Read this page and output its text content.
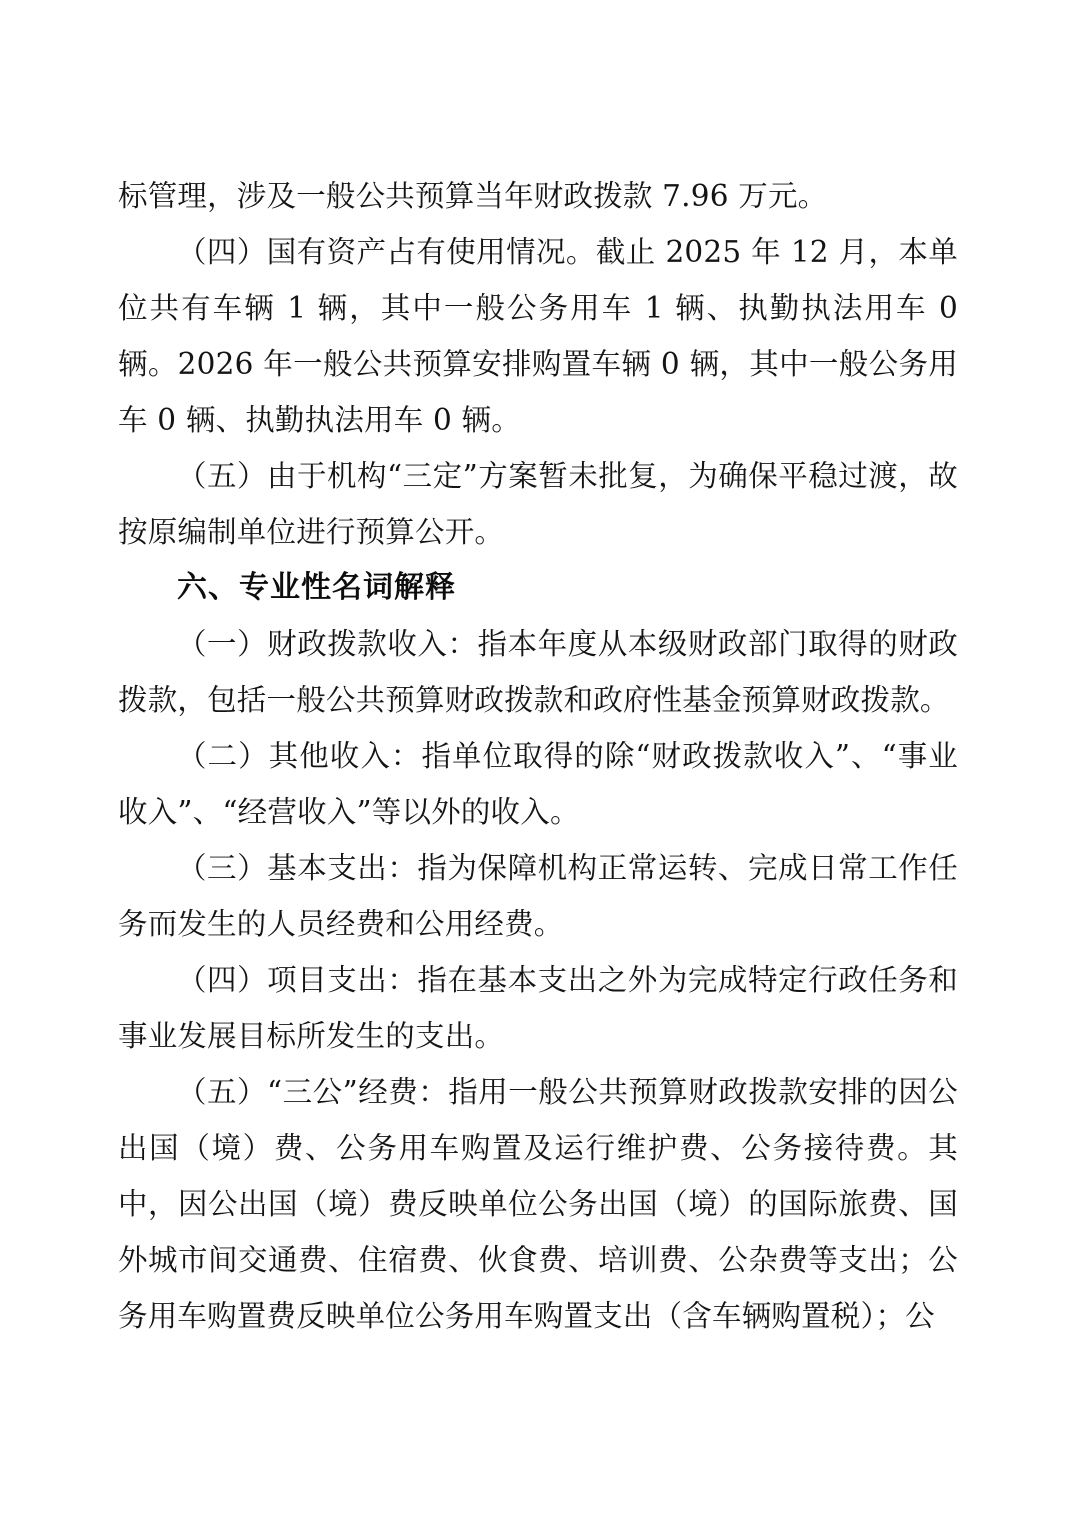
标管理，涉及一般公共预算当年财政拨款 7.96 万元。

（四）国有资产占有使用情况。截止 2025 年 12 月，本单位共有车辆 1 辆，其中一般公务用车 1 辆、执勤执法用车 0 辆。2026 年一般公共预算安排购置车辆 0 辆，其中一般公务用车 0 辆、执勤执法用车 0 辆。

（五）由于机构“三定”方案暂未批复，为确保平稳过渡，故按原编制单位进行预算公开。

六、专业性名词解释

（一）财政拨款收入：指本年度从本级财政部门取得的财政拨款，包括一般公共预算财政拨款和政府性基金预算财政拨款。

（二）其他收入：指单位取得的除“财政拨款收入”、“事业收入”、“经营收入”等以外的收入。

（三）基本支出：指为保障机构正常运转、完成日常工作任务而发生的人员经费和公用经费。

（四）项目支出：指在基本支出之外为完成特定行政任务和事业发展目标所发生的支出。

（五）“三公”经费：指用一般公共预算财政拨款安排的因公出国（境）费、公务用车购置及运行维护费、公务接待费。其中，因公出国（境）费反映单位公务出国（境）的国际旅费、国外城市间交通费、住宿费、伙食费、培训费、公杂费等支出；公务用车购置费反映单位公务用车购置支出（含车辆购置税）；公
